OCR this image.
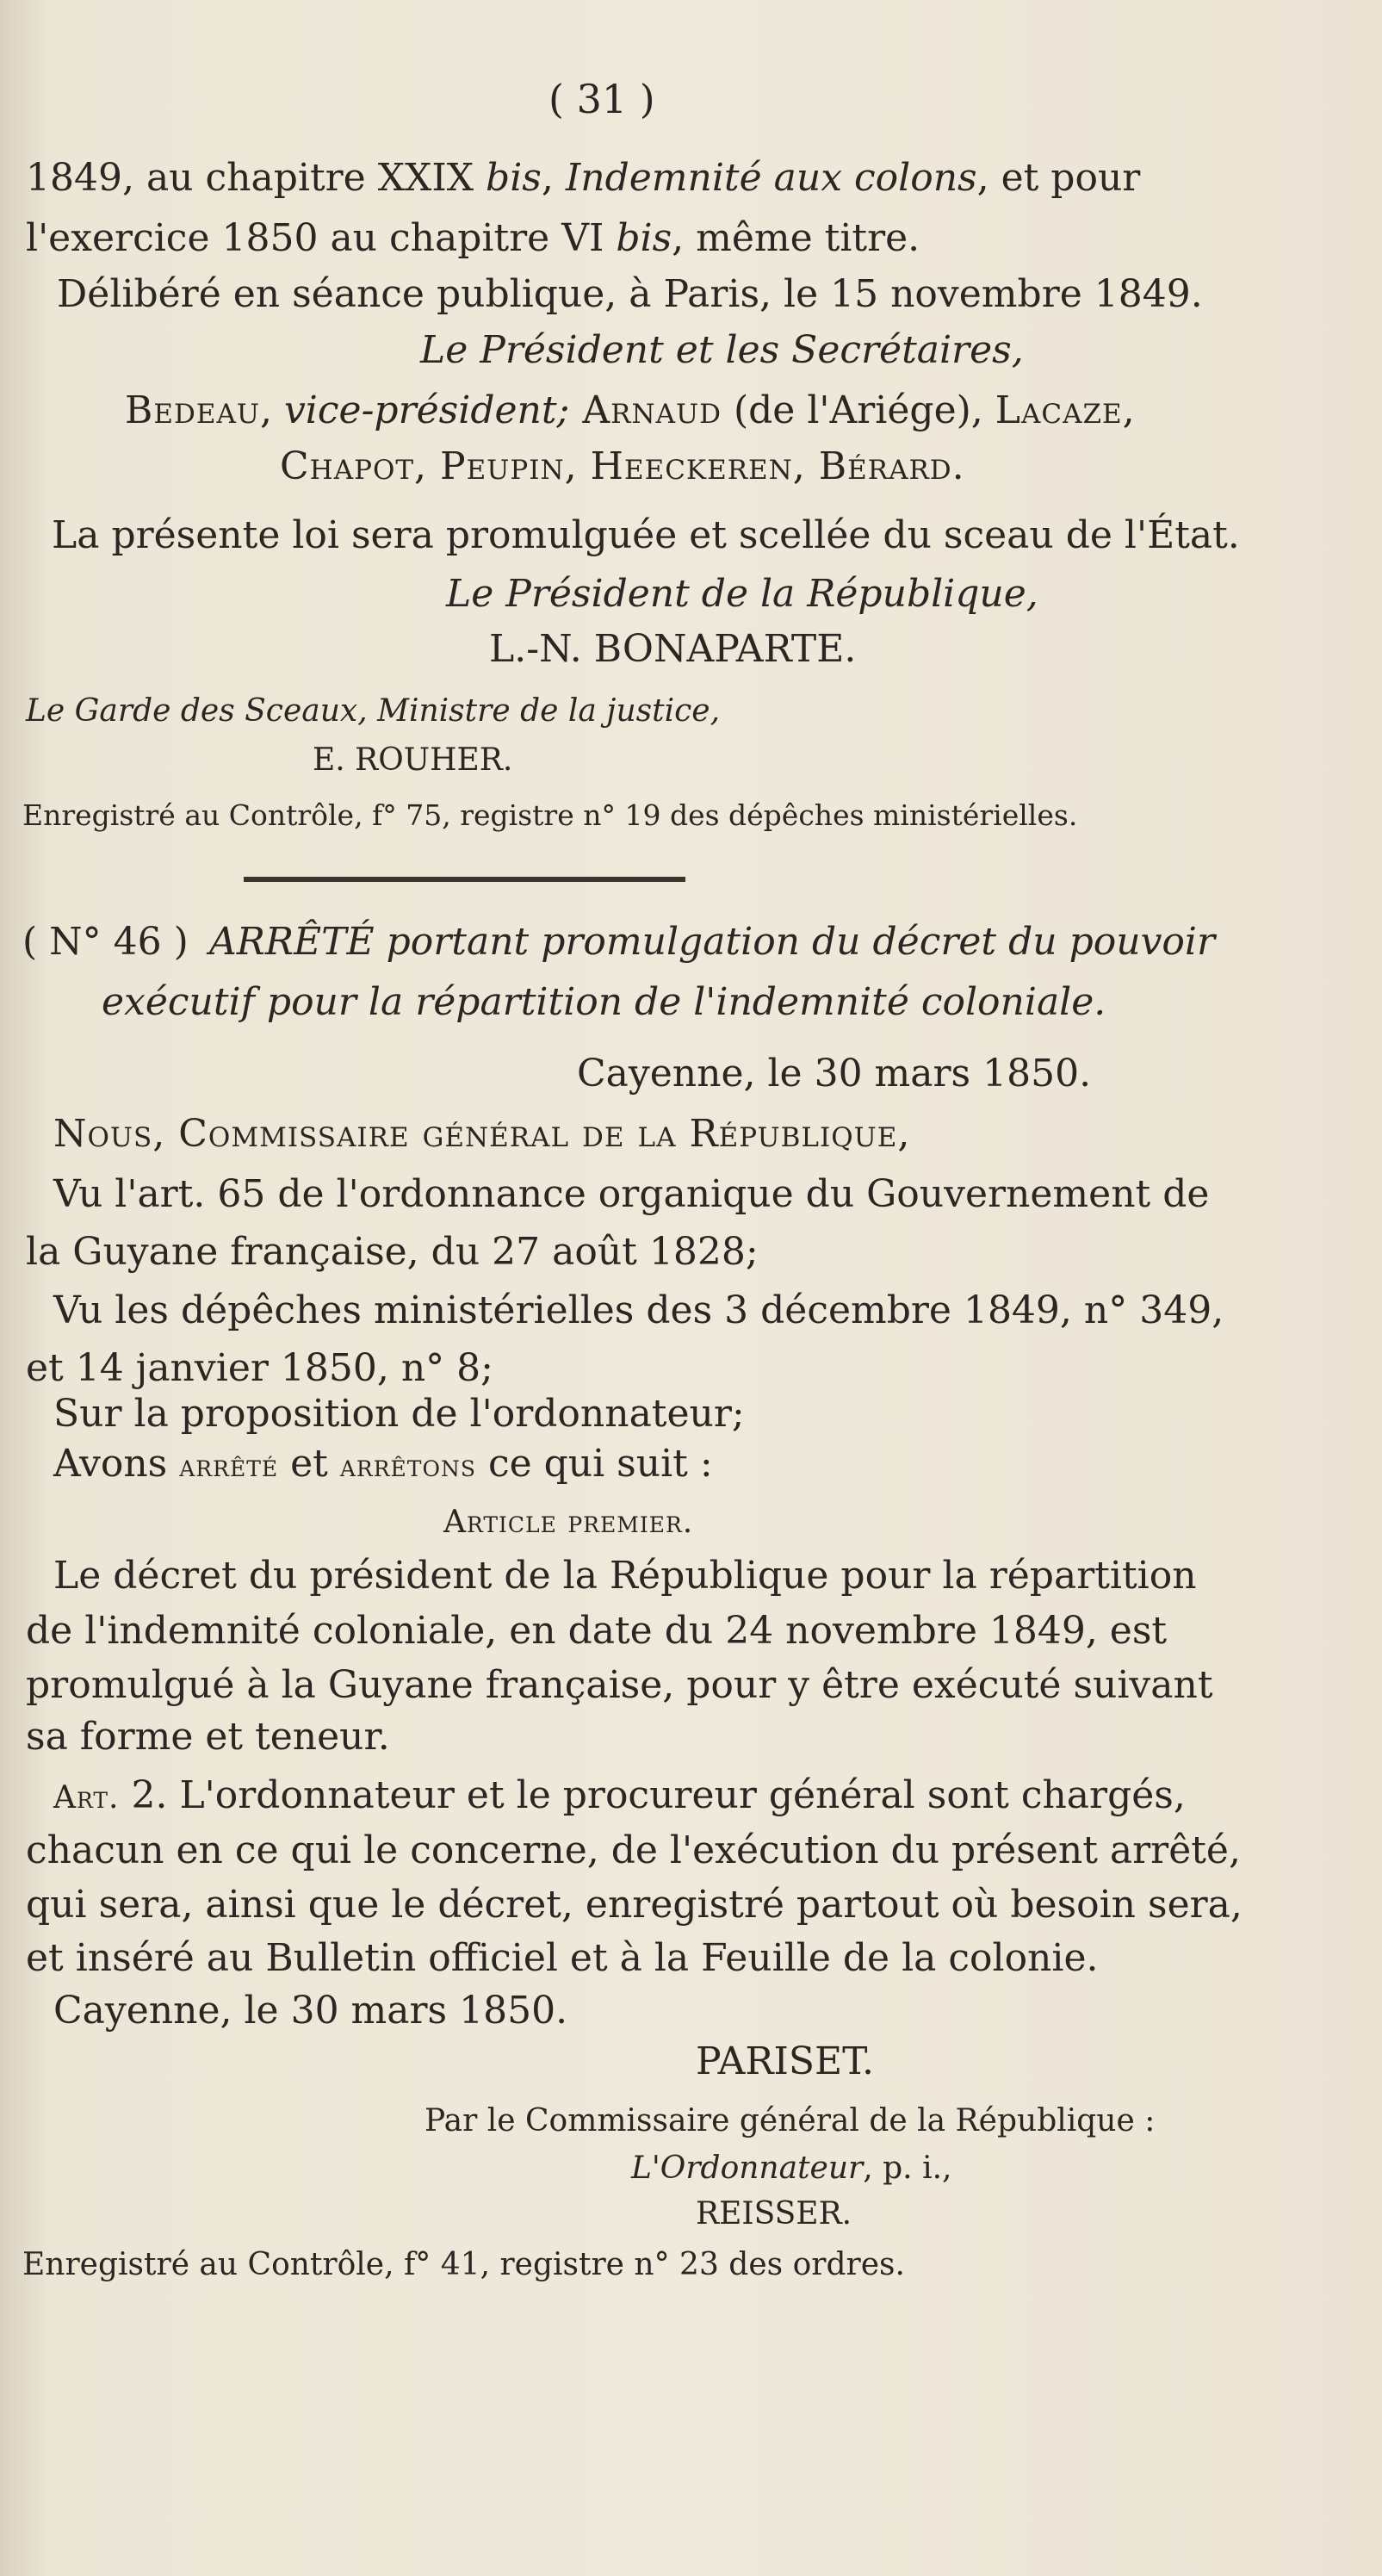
( 31 )
1849, au chapitre XXIX bis, Indemnité aux colons, et pour
l'exercice 1850 au chapitre VI bis, même titre.
Délibéré en séance publique, à Paris, le 15 novembre 1849.
Le Président et les Secrétaires,
Bedeau, vice-président; Arnaud (de l'Ariége), Lacaze,
Chapot, Peupin, Heeckeren, Bérard.
La présente loi sera promulguée et scellée du sceau de l'État.
Le Président de la République,
L.-N. BONAPARTE.
Le Garde des Sceaux, Ministre de la justice,
E. ROUHER.
Enregistré au Contrôle, f° 75, registre n° 19 des dépêches ministérielles.
( N° 46 ) ARRÊTÉ portant promulgation du décret du pouvoir
exécutif pour la répartition de l'indemnité coloniale.
Cayenne, le 30 mars 1850.
Nous, Commissaire général de la République,
Vu l'art. 65 de l'ordonnance organique du Gouvernement de
la Guyane française, du 27 août 1828;
Vu les dépêches ministérielles des 3 décembre 1849, n° 349,
et 14 janvier 1850, n° 8;
Sur la proposition de l'ordonnateur;
Avons arrêté et arrêtons ce qui suit :
Article premier.
Le décret du président de la République pour la répartition
de l'indemnité coloniale, en date du 24 novembre 1849, est
promulgué à la Guyane française, pour y être exécuté suivant
sa forme et teneur.
Art. 2. L'ordonnateur et le procureur général sont chargés,
chacun en ce qui le concerne, de l'exécution du présent arrêté,
qui sera, ainsi que le décret, enregistré partout où besoin sera,
et inséré au Bulletin officiel et à la Feuille de la colonie.
Cayenne, le 30 mars 1850.
PARISET.
Par le Commissaire général de la République :
L'Ordonnateur, p. i.,
REISSER.
Enregistré au Contrôle, f° 41, registre n° 23 des ordres.
